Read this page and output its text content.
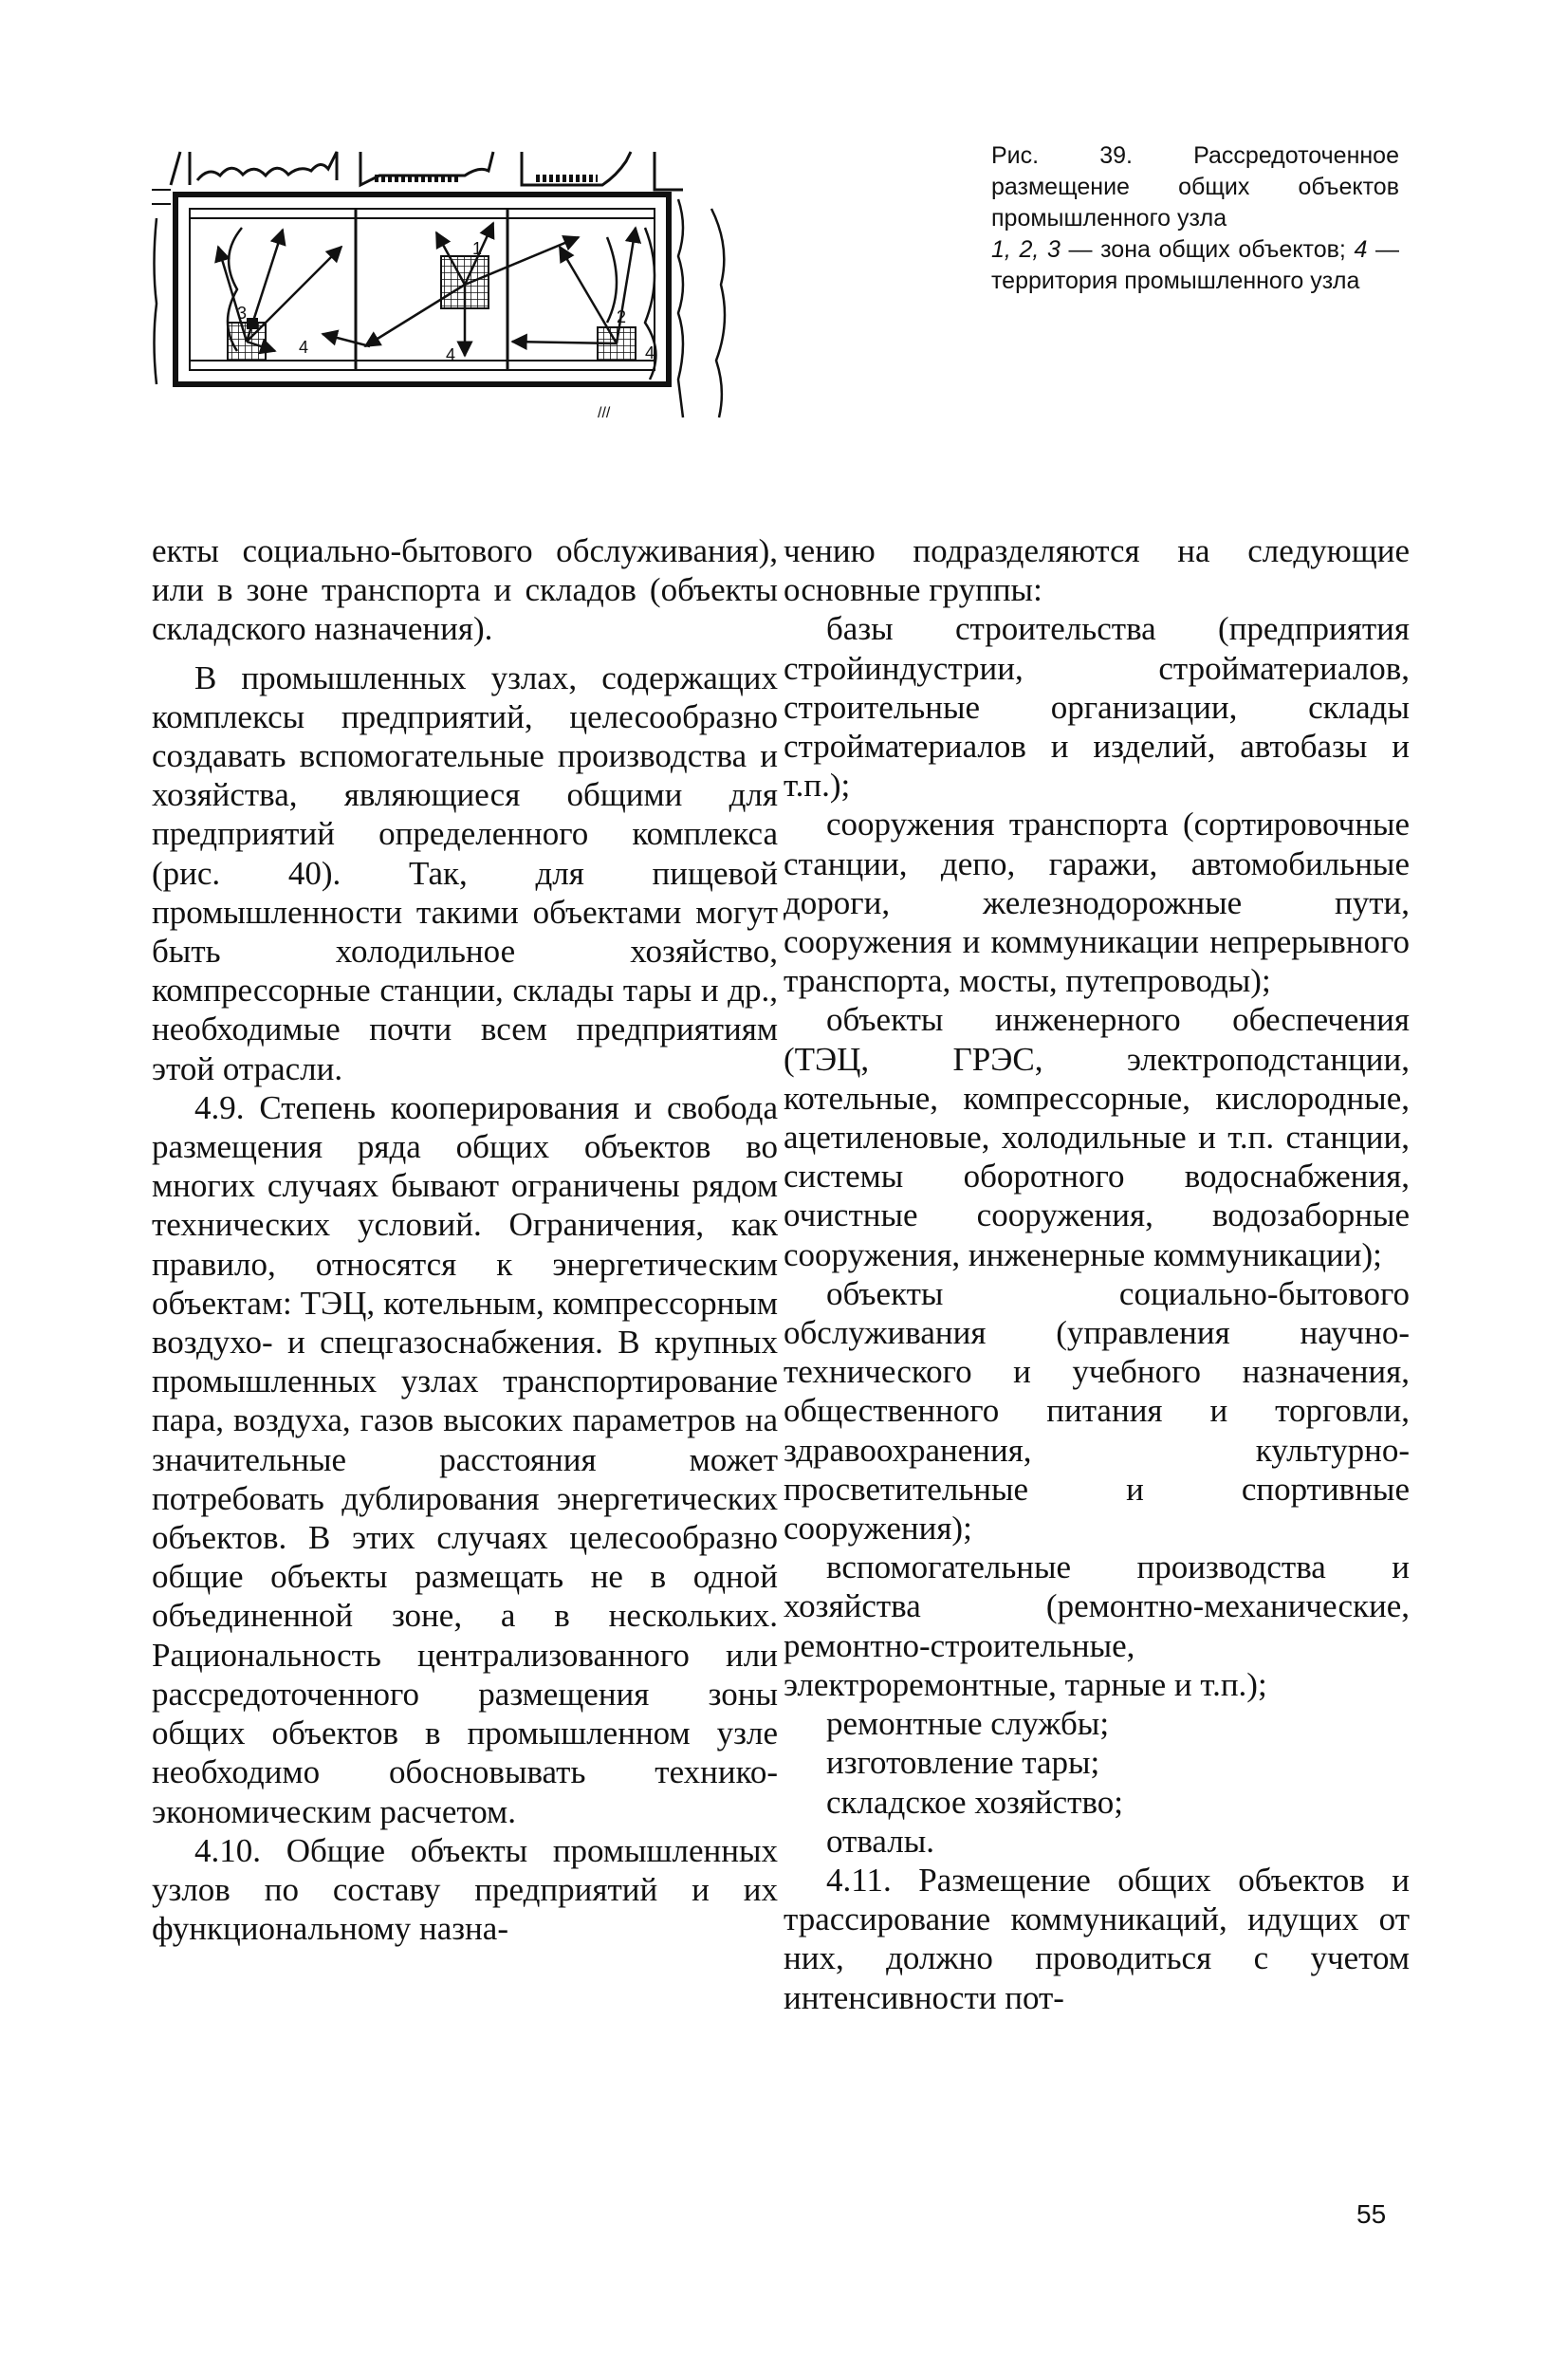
1
2
3
4	4	4
///

Рис. 39. Рассредоточенное размещение общих объектов промышленного узла

1, 2, 3 — зона общих объектов; 4 — территория промышленного узла

екты социально-бытового обслуживания), или в зоне транспорта и складов (объекты складского назначения).

В промышленных узлах, содержащих комплексы предприятий, целесообразно создавать вспомогательные производства и хозяйства, являющиеся общими для предприятий определенного комплекса (рис. 40). Так, для пищевой промышленности такими объектами могут быть холодильное хозяйство, компрессорные станции, склады тары и др., необходимые почти всем предприятиям этой отрасли.

4.9. Степень кооперирования и свобода размещения ряда общих объектов во многих случаях бывают ограничены рядом технических условий. Ограничения, как правило, относятся к энергетическим объектам: ТЭЦ, котельным, компрессорным воздухо- и спецгазоснабжения. В крупных промышленных узлах транспортирование пара, воздуха, газов высоких параметров на значительные расстояния может потребовать дублирования энергетических объектов. В этих случаях целесообразно общие объекты размещать не в одной объединенной зоне, а в нескольких. Рациональность централизованного или рассредоточенного размещения зоны общих объектов в промышленном узле необходимо обосновывать технико-экономическим расчетом.

4.10. Общие объекты промышленных узлов по составу предприятий и их функциональному назна-

чению подразделяются на следующие основные группы:

базы строительства (предприятия стройиндустрии, стройматериалов, строительные организации, склады стройматериалов и изделий, автобазы и т.п.);

сооружения транспорта (сортировочные станции, депо, гаражи, автомобильные дороги, железнодорожные пути, сооружения и коммуникации непрерывного транспорта, мосты, путепроводы);

объекты инженерного обеспечения (ТЭЦ, ГРЭС, электроподстанции, котельные, компрессорные, кислородные, ацетиленовые, холодильные и т.п. станции, системы оборотного водоснабжения, очистные сооружения, водозаборные сооружения, инженерные коммуникации);

объекты социально-бытового обслуживания (управления научно-технического и учебного назначения, общественного питания и торговли, здравоохранения, культурно-просветительные и спортивные сооружения);

вспомогательные производства и хозяйства (ремонтно-механические, ремонтно-строительные, электроремонтные, тарные и т.п.);

ремонтные службы;

изготовление тары;

складское хозяйство;

отвалы.

4.11. Размещение общих объектов и трассирование коммуникаций, идущих от них, должно проводиться с учетом интенсивности пот-

55
